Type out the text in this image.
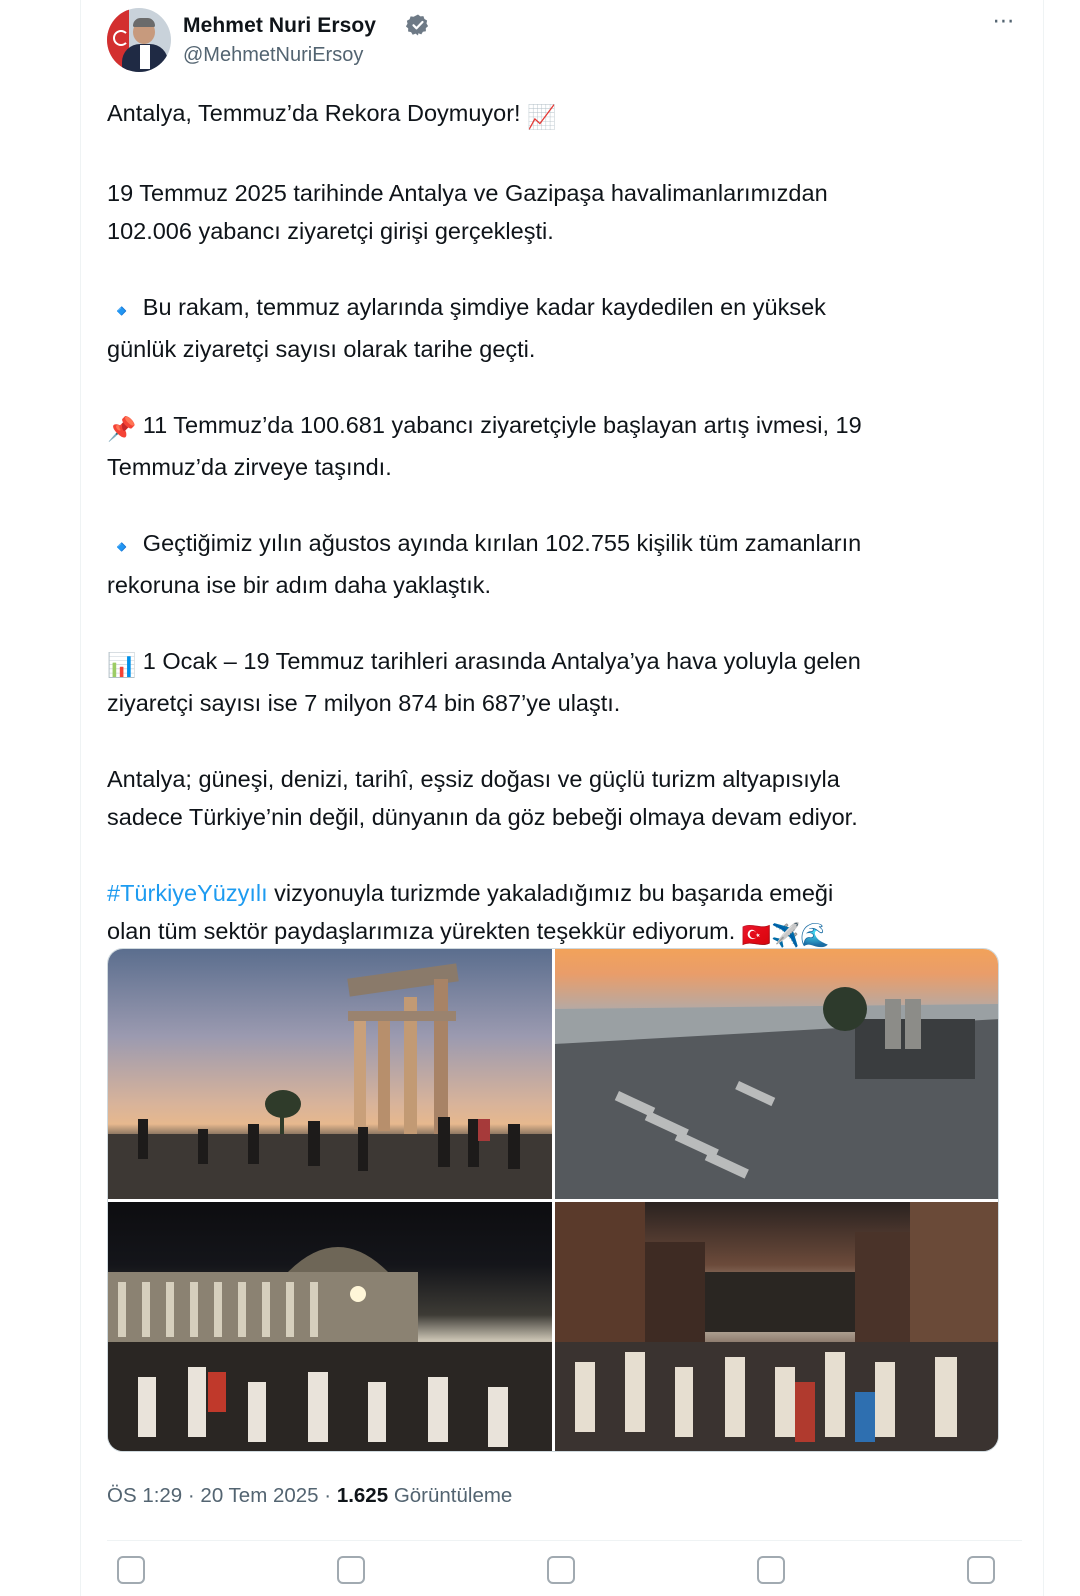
Mehmet Nuri Ersoy
@MehmetNuriErsoy
⋯

Antalya, Temmuz’da Rekora Doymuyor! 📈

19 Temmuz 2025 tarihinde Antalya ve Gazipaşa havalimanlarımızdan
102.006 yabancı ziyaretçi girişi gerçekleşti.

🔹 Bu rakam, temmuz aylarında şimdiye kadar kaydedilen en yüksek
günlük ziyaretçi sayısı olarak tarihe geçti.

📌 11 Temmuz’da 100.681 yabancı ziyaretçiyle başlayan artış ivmesi, 19
Temmuz’da zirveye taşındı.

🔹 Geçtiğimiz yılın ağustos ayında kırılan 102.755 kişilik tüm zamanların
rekoruna ise bir adım daha yaklaştık.

📊 1 Ocak – 19 Temmuz tarihleri arasında Antalya’ya hava yoluyla gelen
ziyaretçi sayısı ise 7 milyon 874 bin 687’ye ulaştı.

Antalya; güneşi, denizi, tarihî, eşsiz doğası ve güçlü turizm altyapısıyla
sadece Türkiye’nin değil, dünyanın da göz bebeği olmaya devam ediyor.

#TürkiyeYüzyılı vizyonuyla turizmde yakaladığımız bu başarıda emeği
olan tüm sektör paydaşlarımıza yürekten teşekkür ediyorum. 🇹🇷✈️🌊

ÖS 1:29 · 20 Tem 2025 · 1.625 Görüntüleme
